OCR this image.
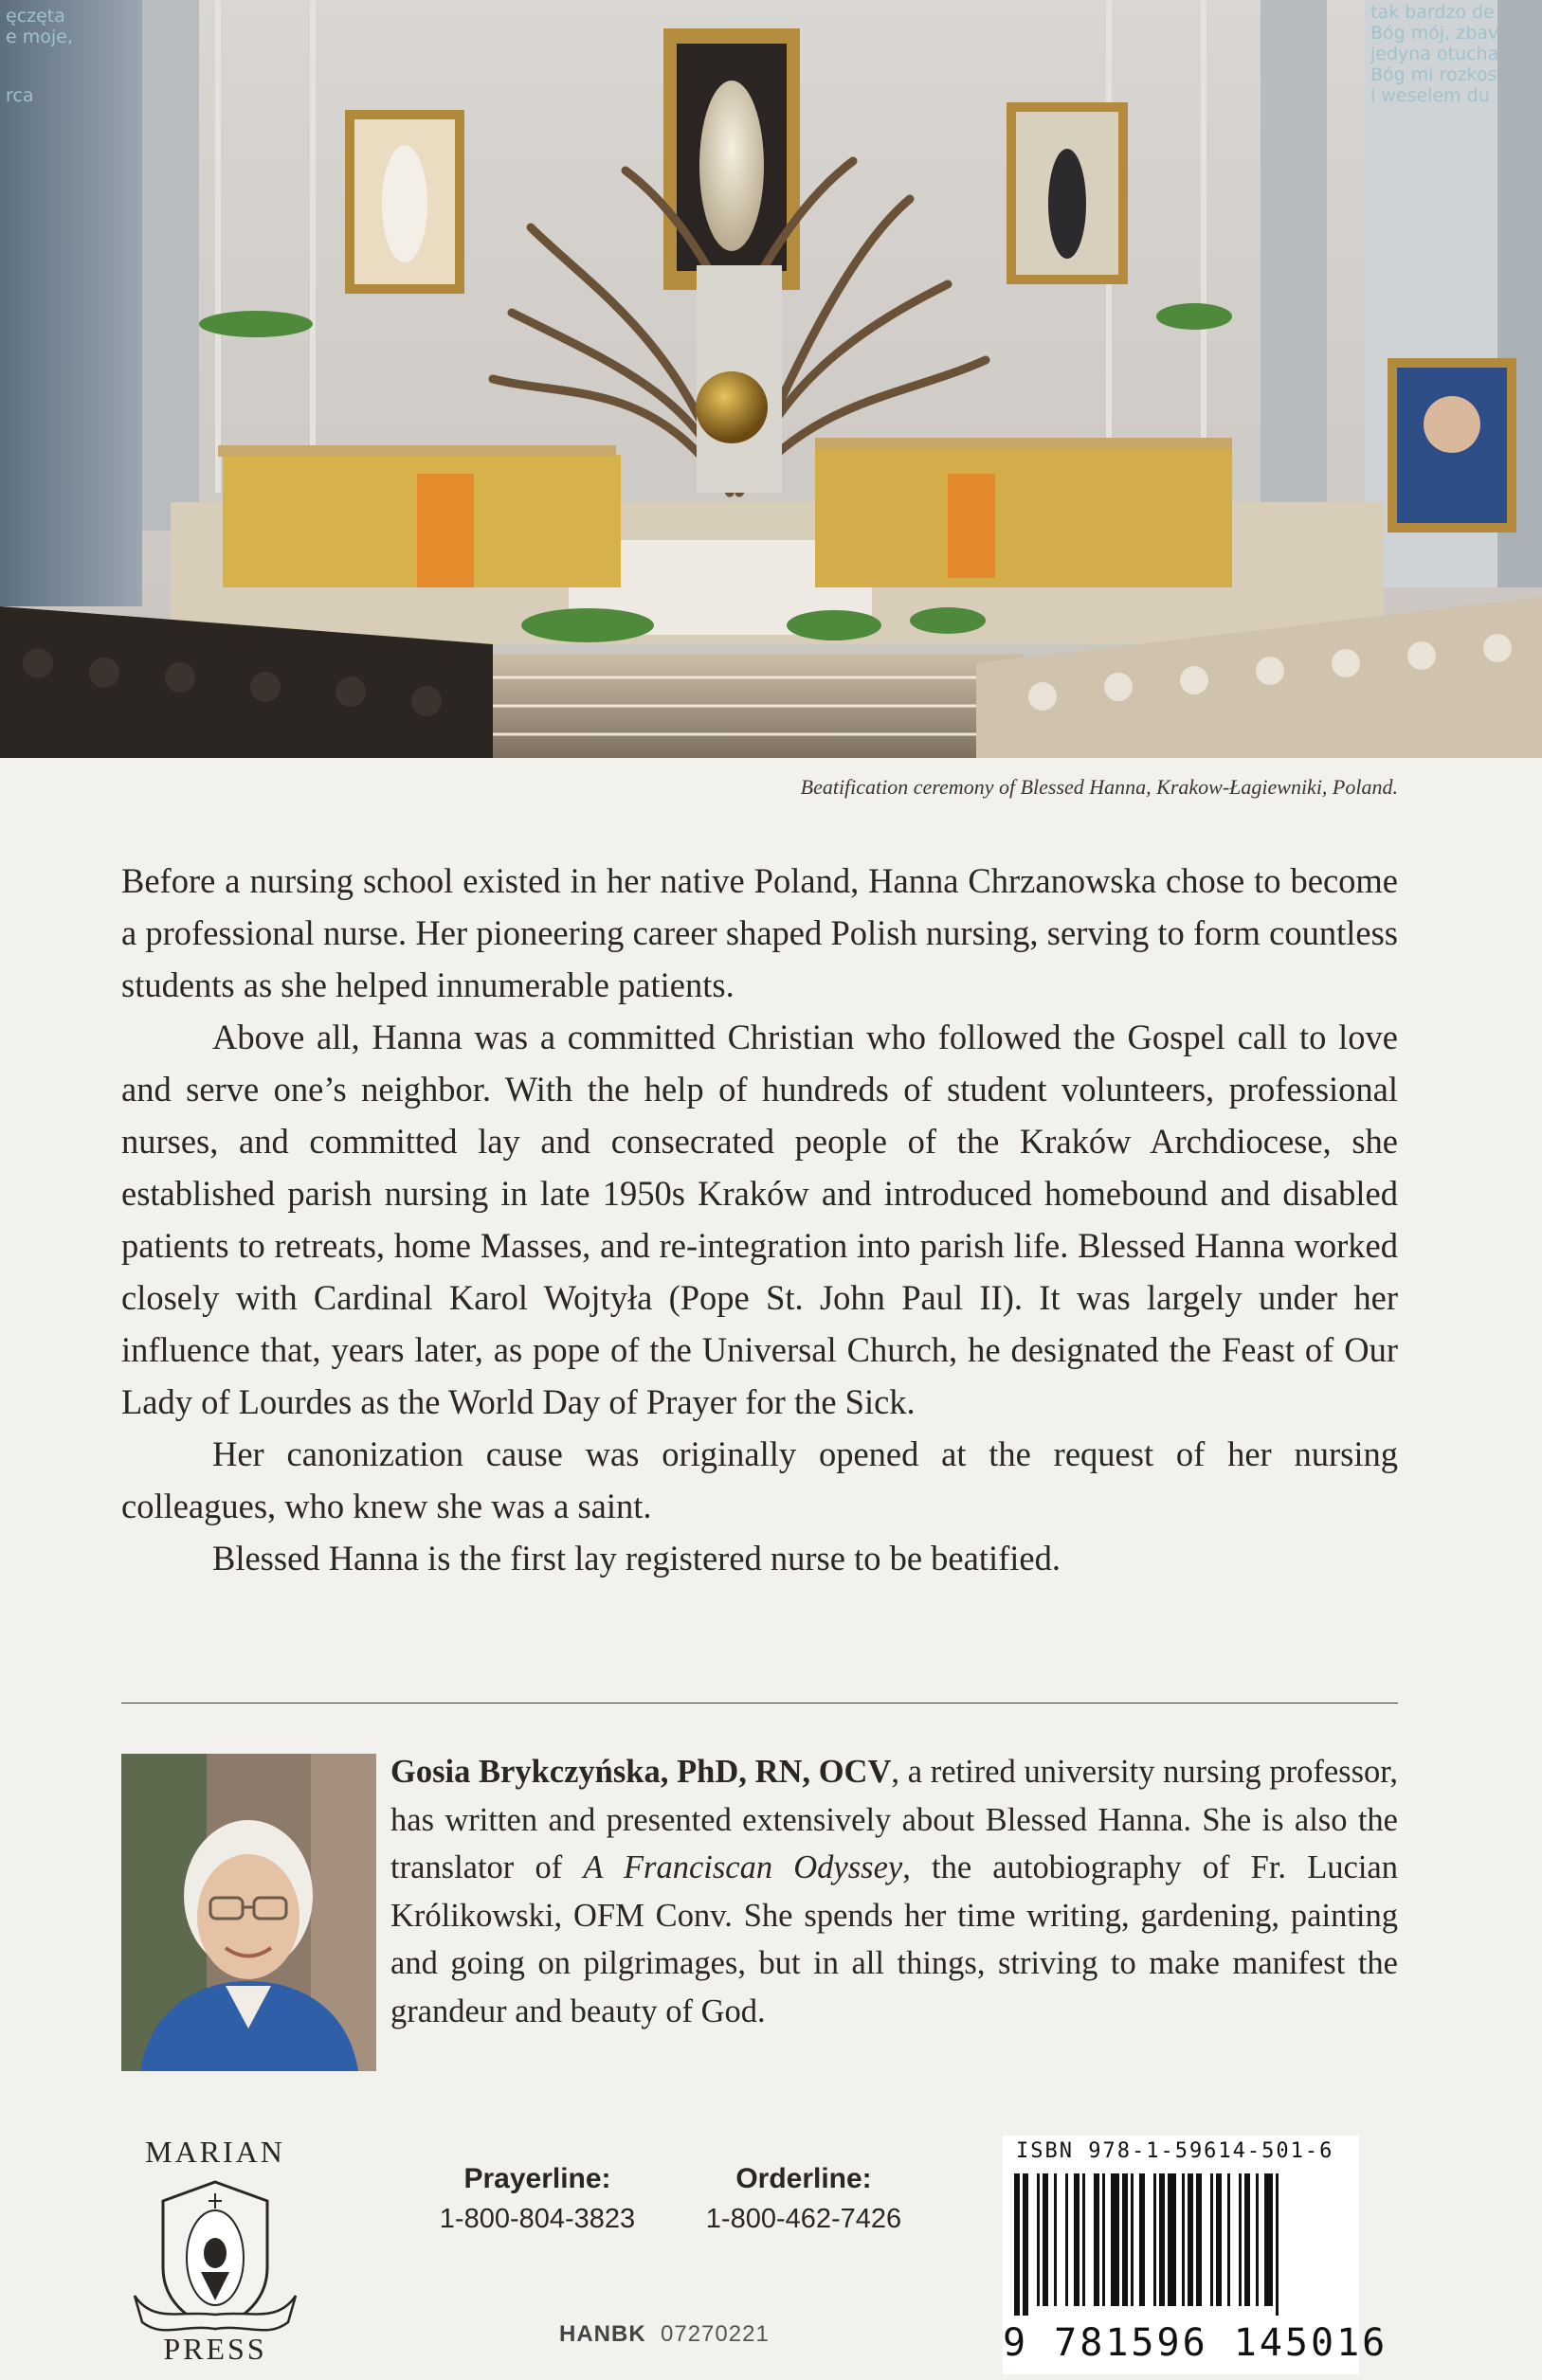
ęczęta
e moje,
rca
tak bardzo de
Bóg mój, zbav
jedyna otucha
Bóg mi rozkos
i weselem du
Beatification ceremony of Blessed Hanna, Krakow-Łagiewniki, Poland.

Before a nursing school existed in her native Poland, Hanna Chrzanowska chose to become a professional nurse. Her pioneering career shaped Polish nursing, serving to form countless students as she helped innumerable patients.

Above all, Hanna was a committed Christian who followed the Gospel call to love and serve one’s neighbor. With the help of hundreds of student volunteers, professional nurses, and committed lay and consecrated people of the Kraków Archdiocese, she established parish nursing in late 1950s Kraków and introduced homebound and disabled patients to retreats, home Masses, and re-integration into parish life. Blessed Hanna worked closely with Cardinal Karol Wojtyła (Pope St. John Paul II). It was largely under her influence that, years later, as pope of the Universal Church, he designated the Feast of Our Lady of Lourdes as the World Day of Prayer for the Sick.

Her canonization cause was originally opened at the request of her nursing colleagues, who knew she was a saint.

Blessed Hanna is the first lay registered nurse to be beatified.

Gosia Brykczyńska, PhD, RN, OCV, a retired university nursing professor, has written and presented extensively about Blessed Hanna. She is also the translator of A Franciscan Odyssey, the autobiography of Fr. Lucian Królikowski, OFM Conv. She spends her time writing, gardening, painting and going on pilgrimages, but in all things, striving to make manifest the grandeur and beauty of God.

MARIAN
PRESS
Prayerline:
1-800-804-3823
Orderline:
1-800-462-7426
HANBK 07270221
ISBN 978-1-59614-501-6
9 781596 145016
